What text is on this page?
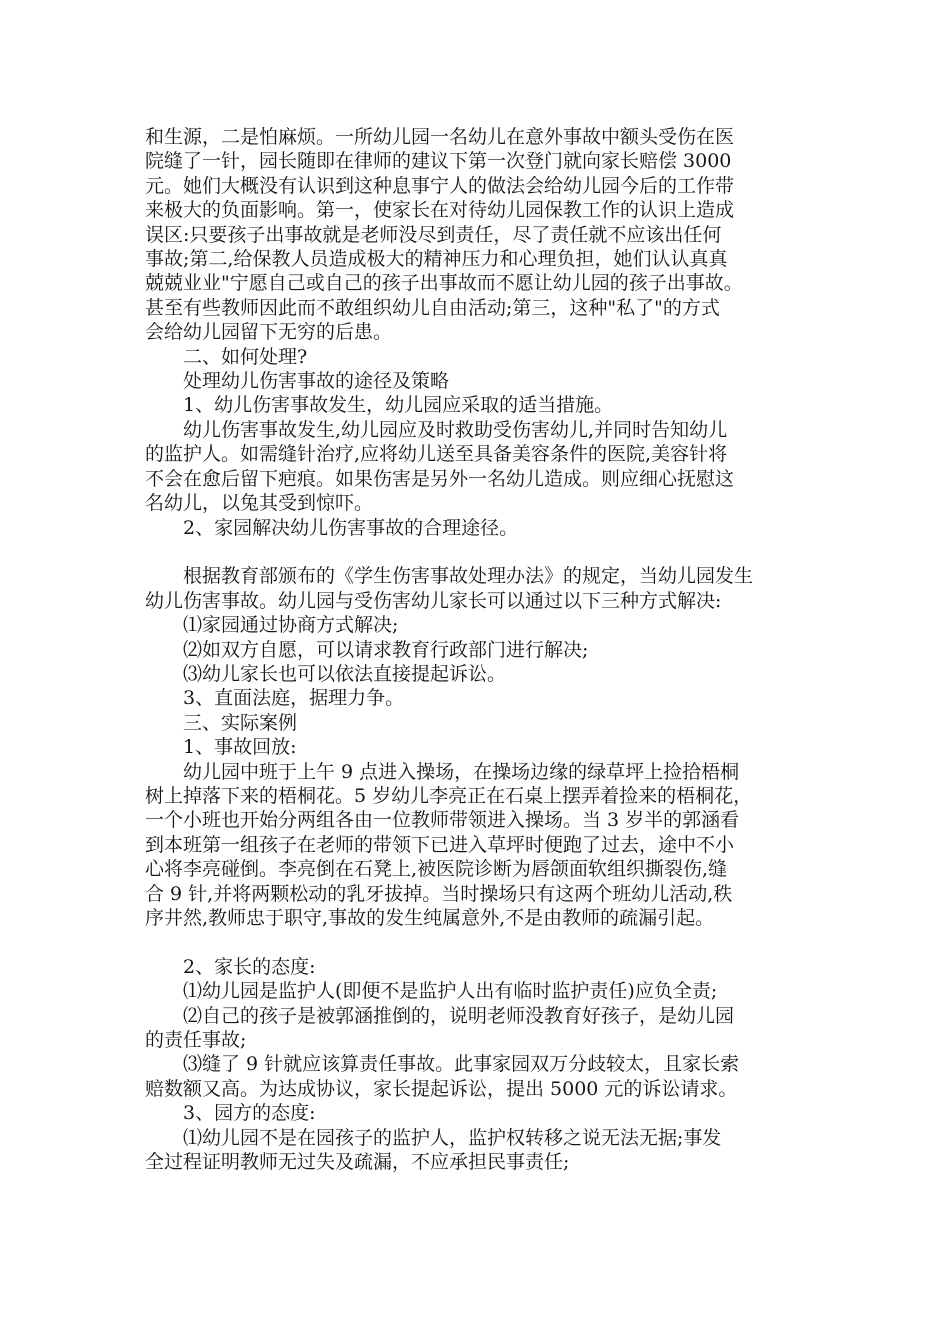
和生源，二是怕麻烦。一所幼儿园一名幼儿在意外事故中额头受伤在医

院缝了一针，园长随即在律师的建议下第一次登门就向家长赔偿 3000

元。她们大概没有认识到这种息事宁人的做法会给幼儿园今后的工作带

来极大的负面影响。第一，使家长在对待幼儿园保教工作的认识上造成

误区:只要孩子出事故就是老师没尽到责任，尽了责任就不应该出任何

事故;第二,给保教人员造成极大的精神压力和心理负担，她们认认真真

兢兢业业"宁愿自己或自己的孩子出事故而不愿让幼儿园的孩子出事故。

甚至有些教师因此而不敢组织幼儿自由活动;第三，这种"私了"的方式

会给幼儿园留下无穷的后患。

二、如何处理?

处理幼儿伤害事故的途径及策略

1、幼儿伤害事故发生，幼儿园应采取的适当措施。

幼儿伤害事故发生,幼儿园应及时救助受伤害幼儿,并同时告知幼儿

的监护人。如需缝针治疗,应将幼儿送至具备美容条件的医院,美容针将

不会在愈后留下疤痕。如果伤害是另外一名幼儿造成。则应细心抚慰这

名幼儿，以兔其受到惊吓。

2、家园解决幼儿伤害事故的合理途径。

根据教育部颁布的《学生伤害事故处理办法》的规定，当幼儿园发生

幼儿伤害事故。幼儿园与受伤害幼儿家长可以通过以下三种方式解决:

⑴家园通过协商方式解决;

⑵如双方自愿，可以请求教育行政部门进行解决;

⑶幼儿家长也可以依法直接提起诉讼。

3、直面法庭，据理力争。

三、实际案例

1、事故回放:

幼儿园中班于上午 9 点进入操场，在操场边缘的绿草坪上捡拾梧桐

树上掉落下来的梧桐花。5 岁幼儿李亮正在石桌上摆弄着捡来的梧桐花，

一个小班也开始分两组各由一位教师带领进入操场。当 3 岁半的郭涵看

到本班第一组孩子在老师的带领下已进入草坪时便跑了过去，途中不小

心将李亮碰倒。李亮倒在石凳上,被医院诊断为唇颌面软组织撕裂伤,缝

合 9 针,并将两颗松动的乳牙拔掉。当时操场只有这两个班幼儿活动,秩

序井然,教师忠于职守,事故的发生纯属意外,不是由教师的疏漏引起。

2、家长的态度:

⑴幼儿园是监护人(即便不是监护人出有临时监护责任)应负全责;

⑵自己的孩子是被郭涵推倒的，说明老师没教育好孩子，是幼儿园

的责任事故;

⑶缝了 9 针就应该算责任事故。此事家园双万分歧较太，且家长索

赔数额又高。为达成协议，家长提起诉讼，提出 5000 元的诉讼请求。

3、园方的态度:

⑴幼儿园不是在园孩子的监护人，监护权转移之说无法无据;事发

全过程证明教师无过失及疏漏，不应承担民事责任;
